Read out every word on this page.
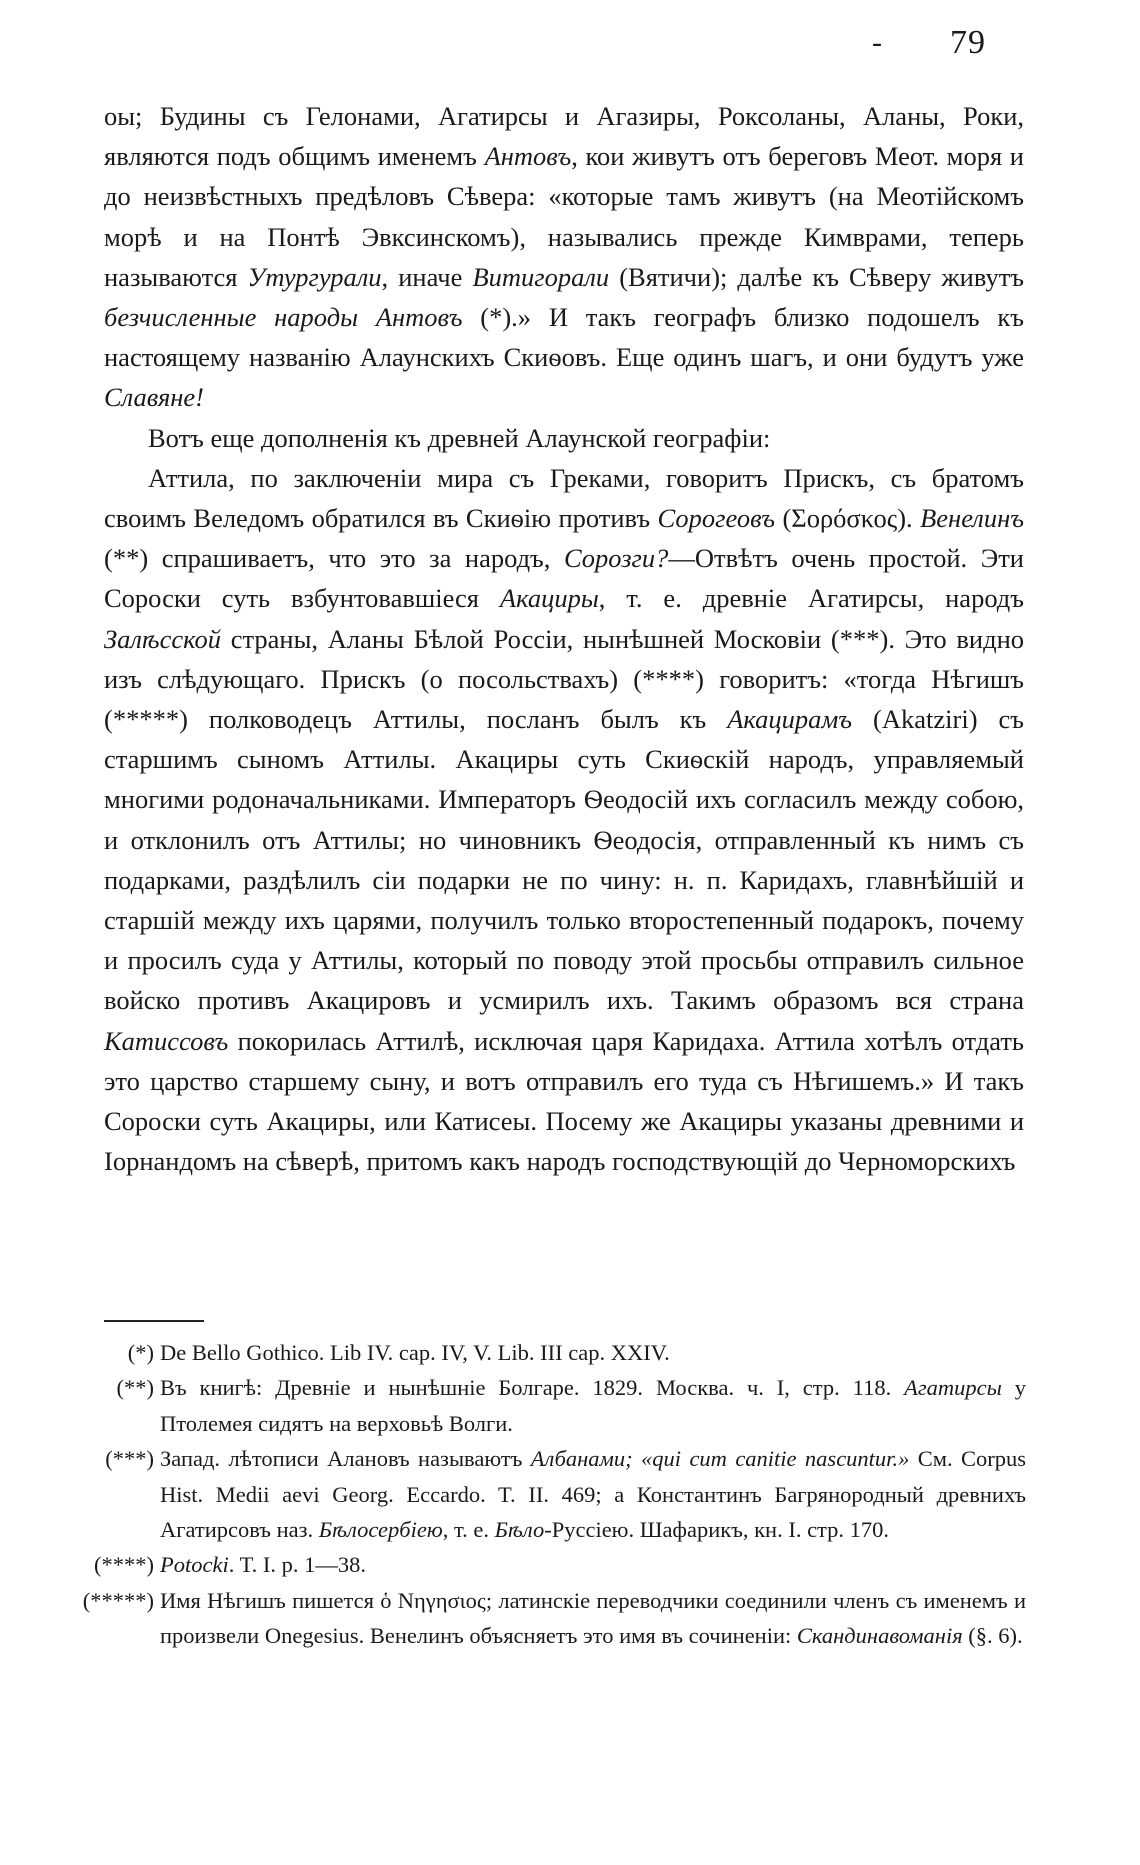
- 79

оы; Будины съ Гелонами, Агатирсы и Агазиры, Роксоланы, Аланы, Роки, являются подъ общимъ именемъ Антовъ, кои живутъ отъ береговъ Меот. моря и до неизвѣстныхъ предѣловъ Сѣвера: «которые тамъ живутъ (на Меотійскомъ морѣ и на Понтѣ Эвксинскомъ), назывались прежде Кимврами, теперь называются Утургурали, иначе Витигорали (Вятичи); далѣе къ Сѣверу живутъ безчисленные народы Антовъ (*).» И такъ географъ близко подошелъ къ настоящему названію Алаунскихъ Скиѳовъ. Еще одинъ шагъ, и они будутъ уже Славяне!

Вотъ еще дополненія къ древней Алаунской географіи:

Аттила, по заключеніи мира съ Греками, говоритъ Прискъ, съ братомъ своимъ Веледомъ обратился въ Скиѳію противъ Сорогеовъ (Σορόσκος). Венелинъ (**) спрашиваетъ, что это за народъ, Сорозги?—Отвѣтъ очень простой. Эти Сороски суть взбунтовавшіеся Акациры, т. е. древніе Агатирсы, народъ Залѣсской страны, Аланы Бѣлой Россіи, нынѣшней Московіи (***). Это видно изъ слѣдующаго. Прискъ (о посольствахъ) (****) говоритъ: «тогда Нѣгишъ (*****) полководецъ Аттилы, посланъ былъ къ Акацирамъ (Akatziri) съ старшимъ сыномъ Аттилы. Акациры суть Скиѳскій народъ, управляемый многими родоначальниками. Императоръ Ѳеодосій ихъ согласилъ между собою, и отклонилъ отъ Аттилы; но чиновникъ Ѳеодосія, отправленный къ нимъ съ подарками, раздѣлилъ сіи подарки не по чину: н. п. Каридахъ, главнѣйшій и старшій между ихъ царями, получилъ только второстепенный подарокъ, почему и просилъ суда у Аттилы, который по поводу этой просьбы отправилъ сильное войско противъ Акацировъ и усмирилъ ихъ. Такимъ образомъ вся страна Катиссовъ покорилась Аттилѣ, исключая царя Каридаха. Аттила хотѣлъ отдать это царство старшему сыну, и вотъ отправилъ его туда съ Нѣгишемъ.» И такъ Сороски суть Акациры, или Катисеы. Посему же Акациры указаны древними и Іорнандомъ на сѣверѣ, притомъ какъ народъ господствующій до Черноморскихъ

(*) De Bello Gothico. Lib IV. cap. IV, V. Lib. III cap. XXIV.
(**) Въ книгѣ: Древніе и нынѣшніе Болгаре. 1829. Москва. ч. I, стр. 118. Агатирсы у Птолемея сидятъ на верховьѣ Волги.
(***) Запад. лѣтописи Алановъ называютъ Албанами; «qui cum canitie nascuntur.» См. Corpus Hist. Medii aevi Georg. Eccardo. T. II. 469; а Константинъ Багрянородный древнихъ Агатирсовъ наз. Бѣлосербіею, т. е. Бѣло-Руссіею. Шафарикъ, кн. I. стр. 170.
(****) Potocki. T. I. p. 1—38.
(*****) Имя Нѣгишъ пишется ὁ Νηγησιος; латинскіе переводчики соединили членъ съ именемъ и произвели Onegesius. Венелинъ объясняетъ это имя въ сочиненіи: Скандинавоманія (§. 6).
